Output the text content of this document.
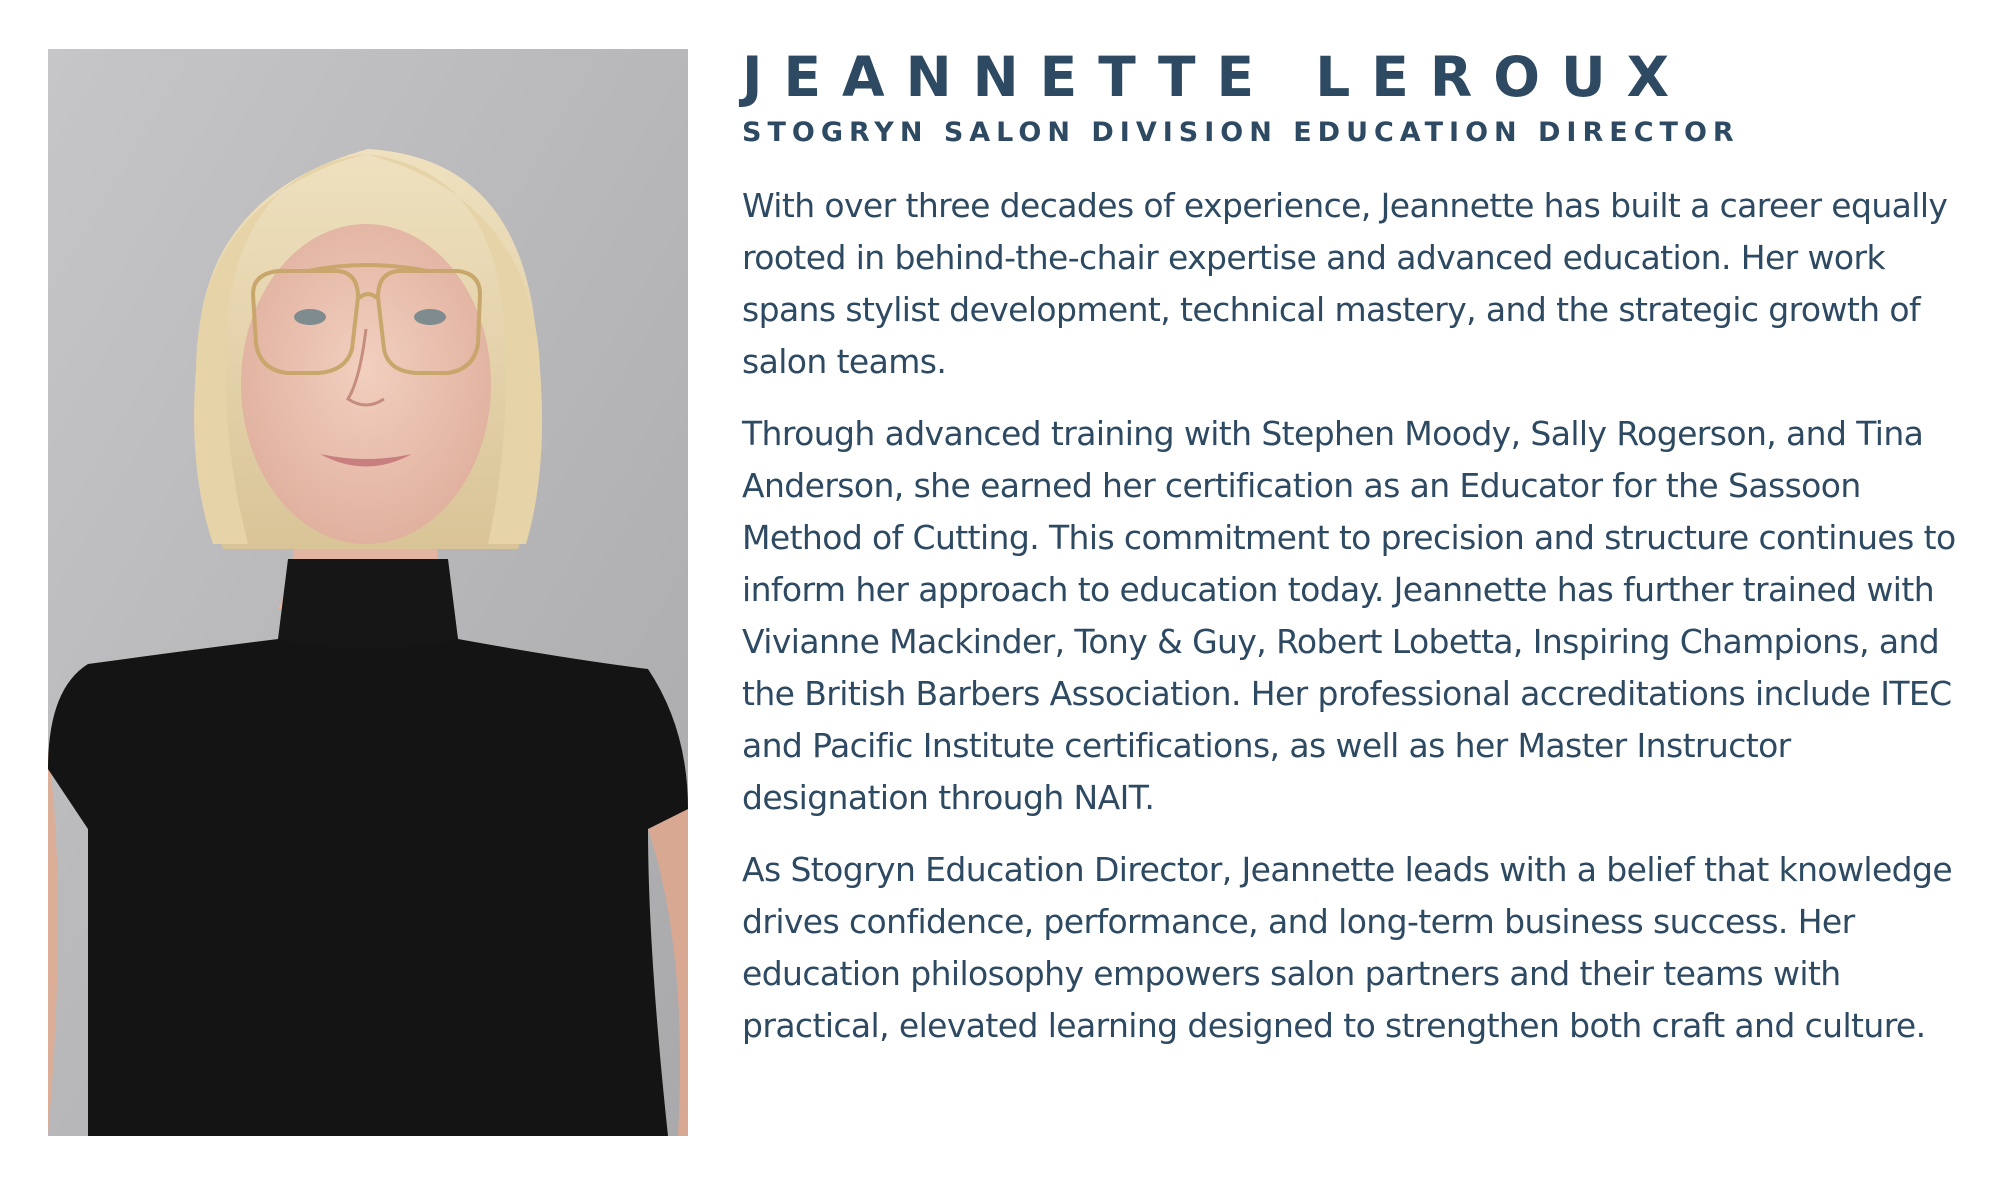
JEANNETTE LEROUX
STOGRYN SALON DIVISION EDUCATION DIRECTOR

With over three decades of experience, Jeannette has built a career equally rooted in behind-the-chair expertise and advanced education. Her work spans stylist development, technical mastery, and the strategic growth of salon teams.

Through advanced training with Stephen Moody, Sally Rogerson, and Tina Anderson, she earned her certification as an Educator for the Sassoon Method of Cutting. This commitment to precision and structure continues to inform her approach to education today. Jeannette has further trained with Vivianne Mackinder, Tony & Guy, Robert Lobetta, Inspiring Champions, and the British Barbers Association. Her professional accreditations include ITEC and Pacific Institute certifications, as well as her Master Instructor designation through NAIT.

As Stogryn Education Director, Jeannette leads with a belief that knowledge drives confidence, performance, and long-term business success. Her education philosophy empowers salon partners and their teams with practical, elevated learning designed to strengthen both craft and culture.
